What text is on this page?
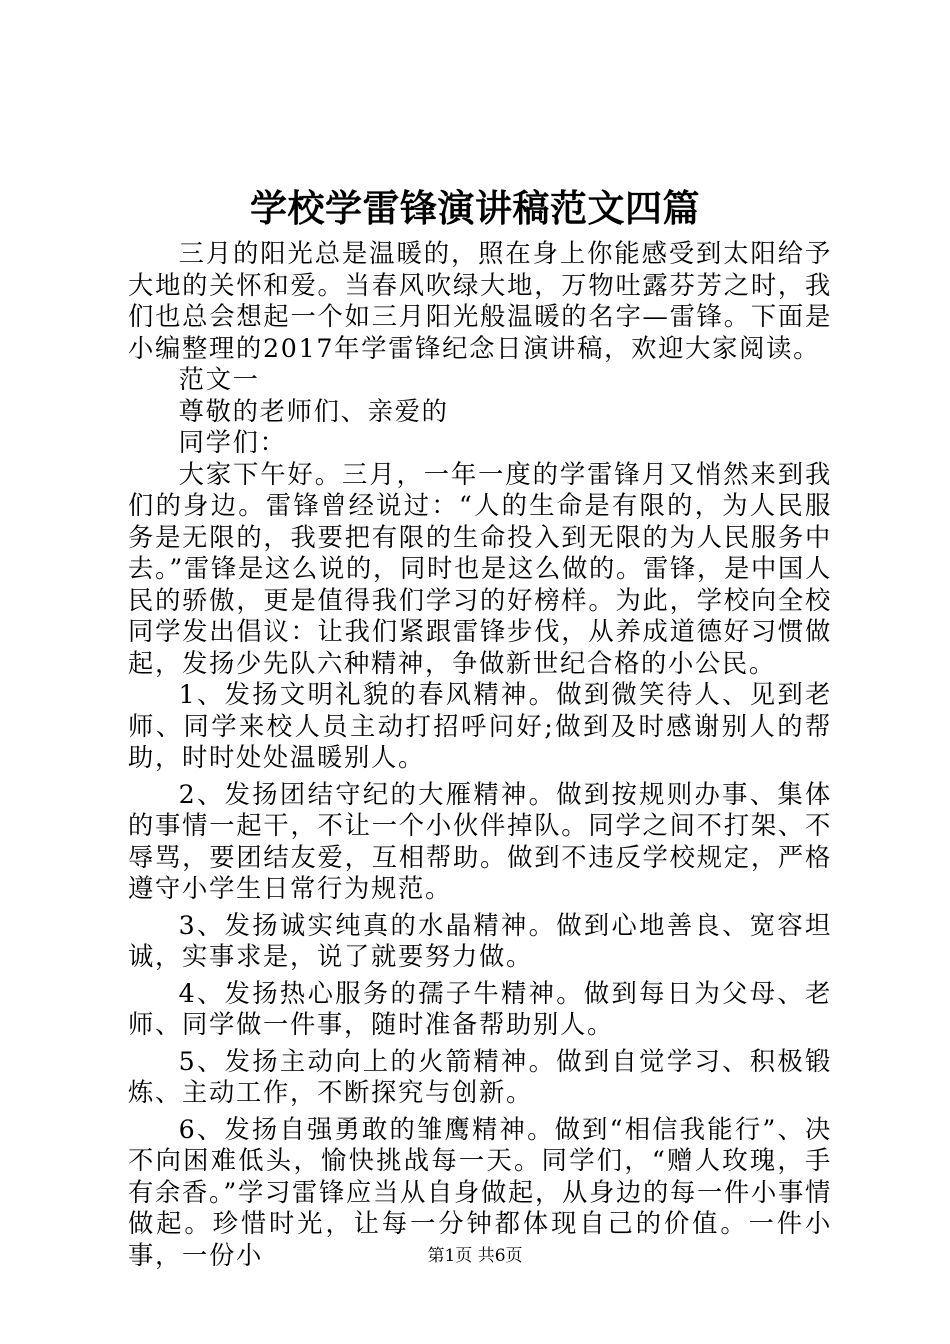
学校学雷锋演讲稿范文四篇

三月的阳光总是温暖的，照在身上你能感受到太阳给予大地的关怀和爱。当春风吹绿大地，万物吐露芬芳之时，我们也总会想起一个如三月阳光般温暖的名字—雷锋。下面是小编整理的2017年学雷锋纪念日演讲稿，欢迎大家阅读。

范文一

尊敬的老师们、亲爱的

同学们：

大家下午好。三月，一年一度的学雷锋月又悄然来到我们的身边。雷锋曾经说过：“人的生命是有限的，为人民服务是无限的，我要把有限的生命投入到无限的为人民服务中去。”雷锋是这么说的，同时也是这么做的。雷锋，是中国人民的骄傲，更是值得我们学习的好榜样。为此，学校向全校同学发出倡议：让我们紧跟雷锋步伐，从养成道德好习惯做起，发扬少先队六种精神，争做新世纪合格的小公民。

1、发扬文明礼貌的春风精神。做到微笑待人、见到老师、同学来校人员主动打招呼问好;做到及时感谢别人的帮助，时时处处温暖别人。

2、发扬团结守纪的大雁精神。做到按规则办事、集体的事情一起干，不让一个小伙伴掉队。同学之间不打架、不辱骂，要团结友爱，互相帮助。做到不违反学校规定，严格遵守小学生日常行为规范。

3、发扬诚实纯真的水晶精神。做到心地善良、宽容坦诚，实事求是，说了就要努力做。

4、发扬热心服务的孺子牛精神。做到每日为父母、老师、同学做一件事，随时准备帮助别人。

5、发扬主动向上的火箭精神。做到自觉学习、积极锻炼、主动工作，不断探究与创新。

6、发扬自强勇敢的雏鹰精神。做到“相信我能行”、决不向困难低头，愉快挑战每一天。同学们，“赠人玫瑰，手有余香。”学习雷锋应当从自身做起，从身边的每一件小事情做起。珍惜时光，让每一分钟都体现自己的价值。一件小事，一份小	第1页 共6页
